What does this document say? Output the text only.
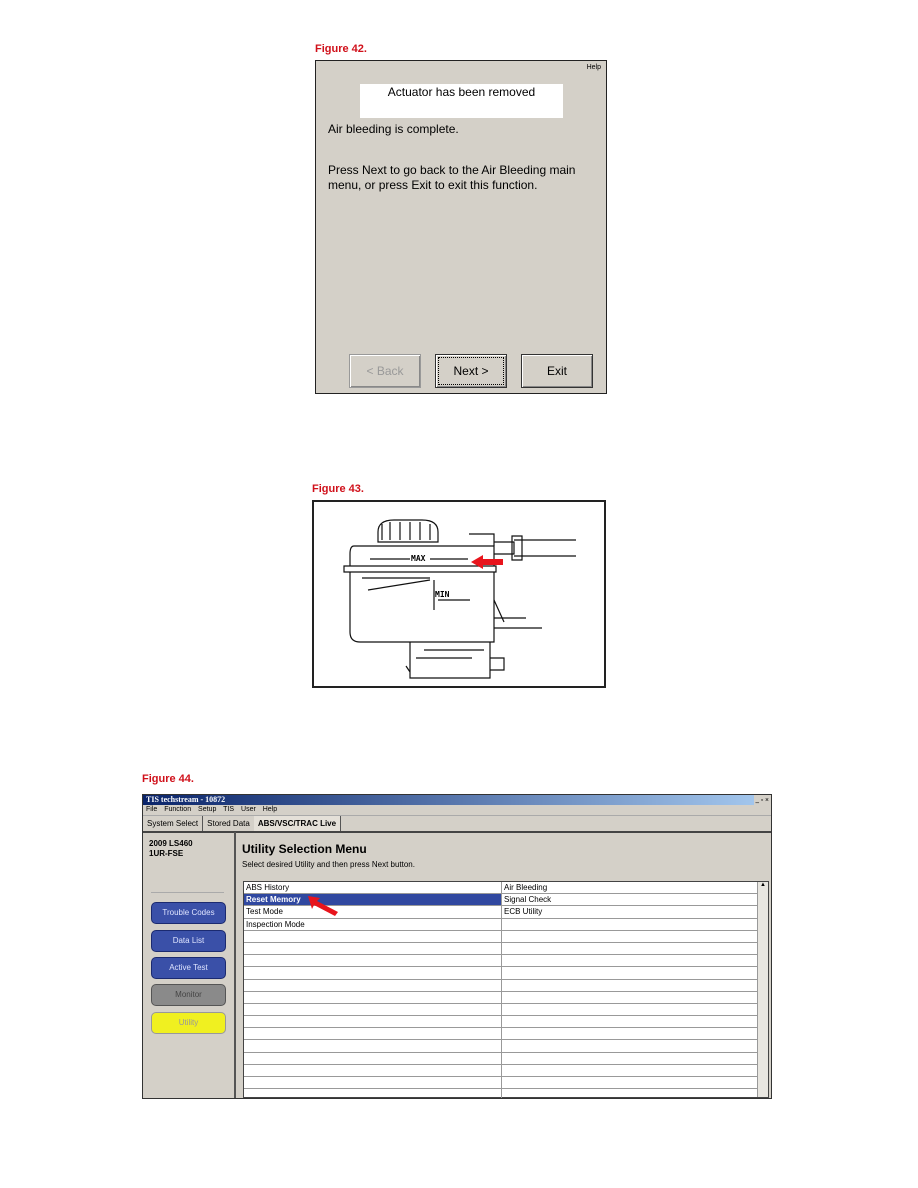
Figure 42.
Help
Actuator has been removed
Air bleeding is complete.
Press Next to go back to the Air Bleeding main menu, or press Exit to exit this function.
< Back	Next >	Exit
Figure 43.
MAX
MIN
Figure 44.
TIS techstream - 10872	_ ▫ ×
File Function Setup TIS User Help
System Select	Stored Data	ABS/VSC/TRAC Live
2009 LS460
1UR-FSE
Trouble Codes
Data List
Active Test
Monitor
Utility
Utility Selection Menu
Select desired Utility and then press Next button.
ABS History	Air Bleeding
Reset Memory	Signal Check
Test Mode	ECB Utility
Inspection Mode
▲
